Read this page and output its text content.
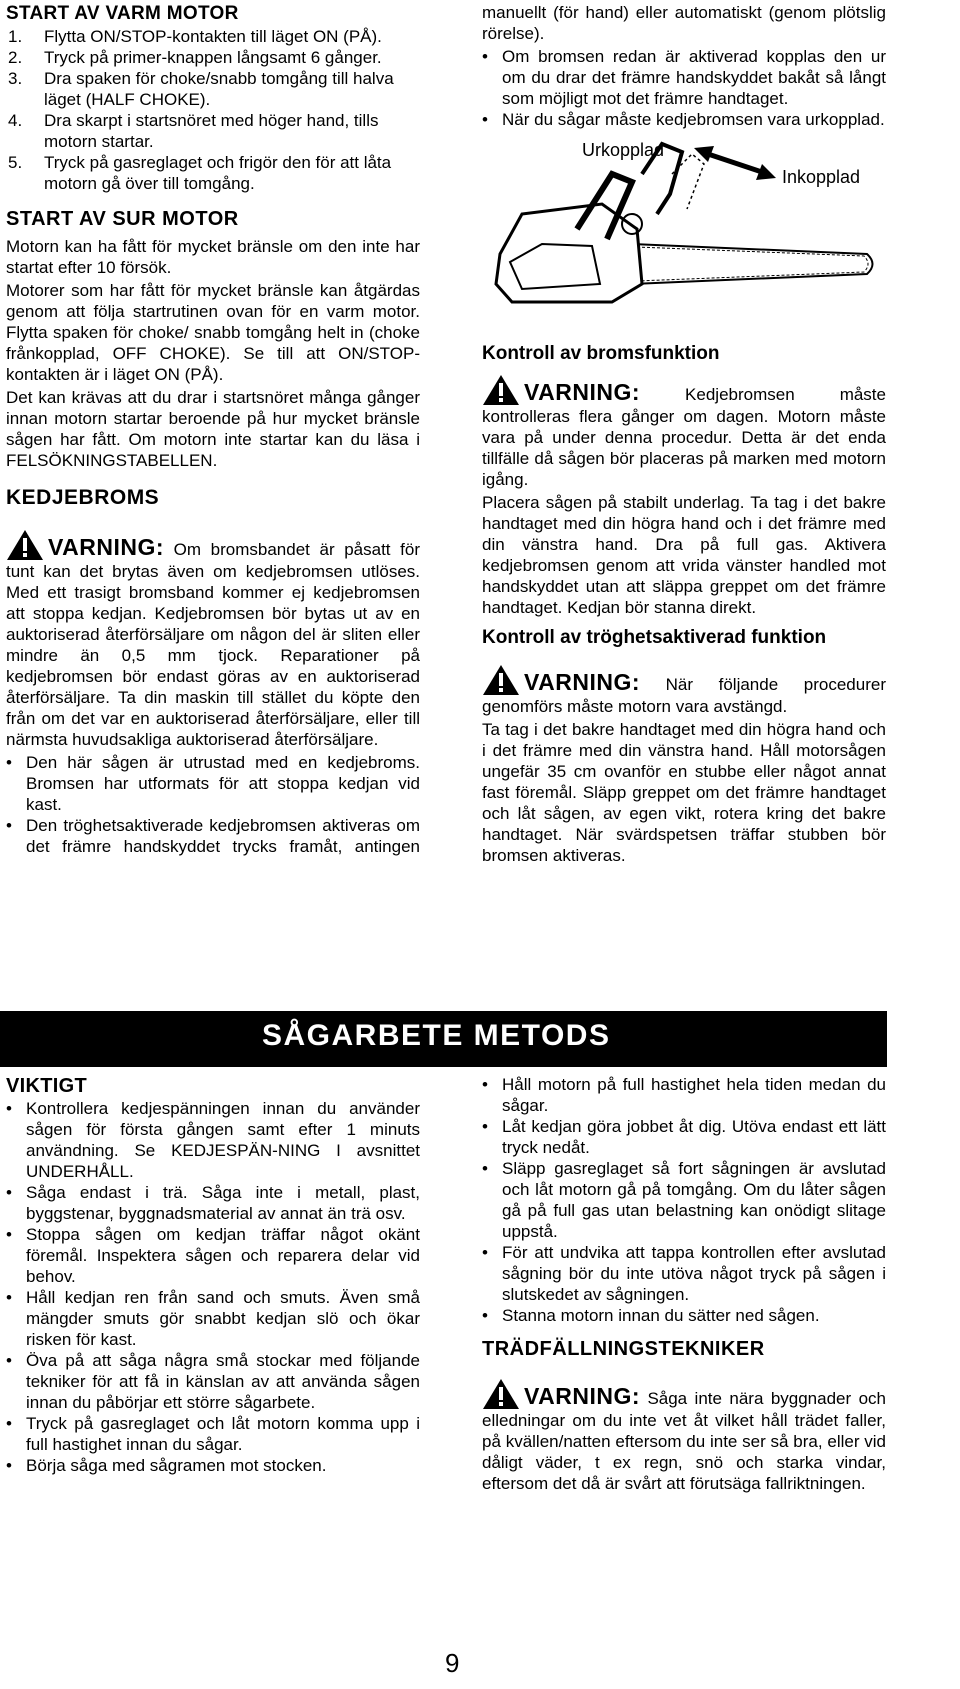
START AV VARM MOTOR
1.	Flytta ON/STOP-kontakten till läget ON (PÅ).
2.	Tryck på primer-knappen långsamt 6 gånger.
3.	Dra spaken för choke/snabb tomgång till halva läget (HALF CHOKE).
4.	Dra skarpt i startsnöret med höger hand, tills motorn startar.
5.	Tryck på gasreglaget och frigör den för att låta motorn gå över till tomgång.
START AV SUR MOTOR

Motorn kan ha fått för mycket bränsle om den inte har startat efter 10 försök.

Motorer som har fått för mycket bränsle kan åtgärdas genom att följa startrutinen ovan för en varm motor. Flytta spaken för choke/ snabb tomgång helt in (choke frånkopplad, OFF CHOKE). Se till att ON/STOP-kontakten är i läget ON (PÅ).

Det kan krävas att du drar i startsnöret många gånger innan motorn startar beroende på hur mycket bränsle sågen har fått. Om motorn inte startar kan du läsa i FELSÖKNINGSTABELLEN.

KEDJEBROMS

VARNING: Om bromsbandet är påsatt för tunt kan det brytas även om kedjebromsen utlöses. Med ett trasigt bromsband kommer ej kedjebromsen att stoppa kedjan. Kedjebromsen bör bytas ut av en auktoriserad återförsäljare om någon del är sliten eller mindre än 0,5 mm tjock. Reparationer på kedjebromsen bör endast göras av en auktoriserad återförsäljare. Ta din maskin till stället du köpte den från om det var en auktoriserad återförsäljare, eller till närmsta huvudsakliga auktoriserad återförsäljare.

• Den här sågen är utrustad med en kedjebroms. Bromsen har utformats för att stoppa kedjan vid kast.
• Den tröghetsaktiverade kedjebromsen aktiveras om det främre handskyddet trycks framåt, antingen

manuellt (för hand) eller automatiskt (genom plötslig rörelse).

• Om bromsen redan är aktiverad kopplas den ur om du drar det främre handskyddet bakåt så långt som möjligt mot det främre handtaget.
• När du sågar måste kedjebromsen vara urkopplad.
Urkopplad
Inkopplad
Kontroll av bromsfunktion

VARNING:	Kedjebromsen måste kontrolleras flera gånger om dagen. Motorn måste vara på under denna procedur. Detta är det enda tillfälle då sågen bör placeras på marken med motorn igång.

Placera sågen på stabilt underlag. Ta tag i det bakre handtaget med din högra hand och i det främre med din vänstra hand. Dra på full gas. Aktivera kedjebromsen genom att vrida vänster handled mot handskyddet utan att släppa greppet om det främre handtaget. Kedjan bör stanna direkt.

Kontroll av tröghetsaktiverad funktion

VARNING: När följande procedurer genomförs måste motorn vara avstängd.

Ta tag i det bakre handtaget med din högra hand och i det främre med din vänstra hand. Håll motorsågen ungefär 35 cm ovanför en stubbe eller något annat fast föremål. Släpp greppet om det främre handtaget och låt sågen, av egen vikt, rotera kring det bakre handtaget. När svärdspetsen träffar stubben bör bromsen aktiveras.

SÅGARBETE METODS
VIKTIGT
• Kontrollera kedjespänningen innan du använder sågen för första gången samt efter 1 minuts användning. Se KEDJESPÄN-NING I avsnittet UNDERHÅLL.
• Såga endast i trä. Såga inte i metall, plast, byggstenar, byggnadsmaterial av annat än trä osv.
• Stoppa sågen om kedjan träffar något okänt föremål. Inspektera sågen och reparera delar vid behov.
• Håll kedjan ren från sand och smuts. Även små mängder smuts gör snabbt kedjan slö och ökar risken för kast.
• Öva på att såga några små stockar med följande tekniker för att få in känslan av att använda sågen innan du påbörjar ett större sågarbete.
• Tryck på gasreglaget och låt motorn komma upp i full hastighet innan du sågar.
• Börja såga med sågramen mot stocken.
• Håll motorn på full hastighet hela tiden medan du sågar.
• Låt kedjan göra jobbet åt dig. Utöva endast ett lätt tryck nedåt.
• Släpp gasreglaget så fort sågningen är avslutad och låt motorn gå på tomgång. Om du låter sågen gå på full gas utan belastning kan onödigt slitage uppstå.
• För att undvika att tappa kontrollen efter avslutad sågning bör du inte utöva något tryck på sågen i slutskedet av sågningen.
• Stanna motorn innan du sätter ned sågen.
TRÄDFÄLLNINGSTEKNIKER

VARNING: Såga inte nära byggnader och elledningar om du inte vet åt vilket håll trädet faller, på kvällen/natten eftersom du inte ser så bra, eller vid dåligt väder, t ex regn, snö och starka vindar, eftersom det då är svårt att förutsäga fallriktningen.

9
